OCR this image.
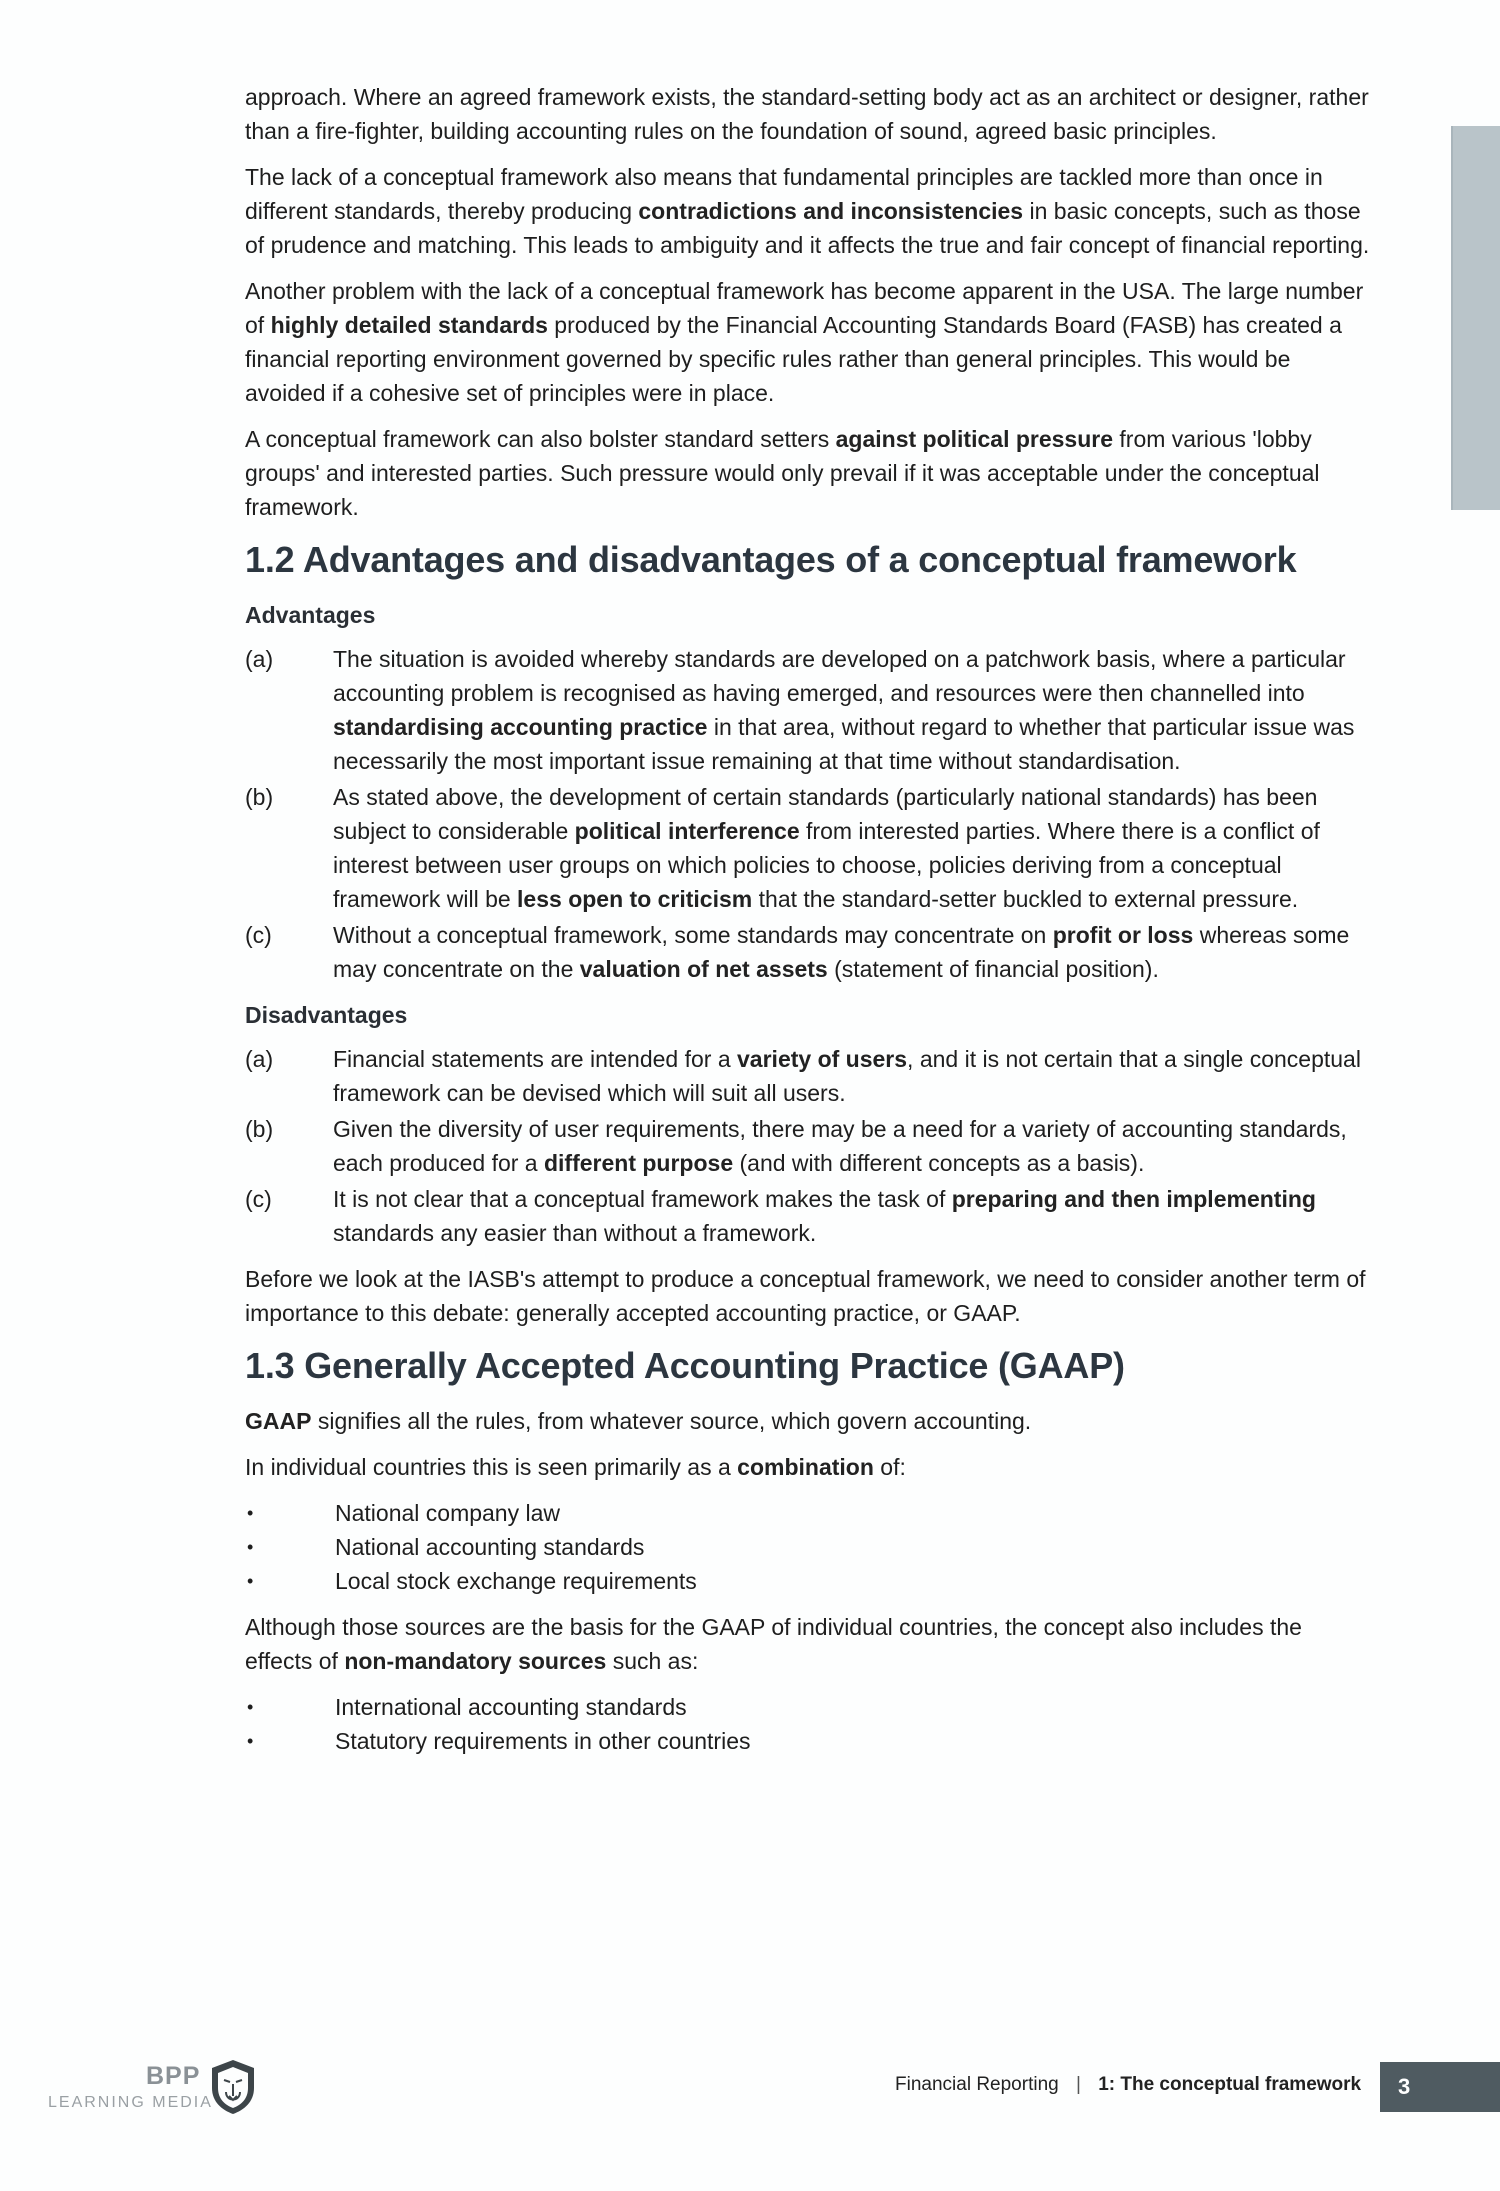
approach. Where an agreed framework exists, the standard-setting body act as an architect or designer, rather than a fire-fighter, building accounting rules on the foundation of sound, agreed basic principles.

The lack of a conceptual framework also means that fundamental principles are tackled more than once in different standards, thereby producing contradictions and inconsistencies in basic concepts, such as those of prudence and matching. This leads to ambiguity and it affects the true and fair concept of financial reporting.

Another problem with the lack of a conceptual framework has become apparent in the USA. The large number of highly detailed standards produced by the Financial Accounting Standards Board (FASB) has created a financial reporting environment governed by specific rules rather than general principles. This would be avoided if a cohesive set of principles were in place.

A conceptual framework can also bolster standard setters against political pressure from various 'lobby groups' and interested parties. Such pressure would only prevail if it was acceptable under the conceptual framework.

1.2 Advantages and disadvantages of a conceptual framework
Advantages
(a)	The situation is avoided whereby standards are developed on a patchwork basis, where a particular accounting problem is recognised as having emerged, and resources were then channelled into standardising accounting practice in that area, without regard to whether that particular issue was necessarily the most important issue remaining at that time without standardisation.
(b)	As stated above, the development of certain standards (particularly national standards) has been subject to considerable political interference from interested parties. Where there is a conflict of interest between user groups on which policies to choose, policies deriving from a conceptual framework will be less open to criticism that the standard-setter buckled to external pressure.
(c)	Without a conceptual framework, some standards may concentrate on profit or loss whereas some may concentrate on the valuation of net assets (statement of financial position).
Disadvantages
(a)	Financial statements are intended for a variety of users, and it is not certain that a single conceptual framework can be devised which will suit all users.
(b)	Given the diversity of user requirements, there may be a need for a variety of accounting standards, each produced for a different purpose (and with different concepts as a basis).
(c)	It is not clear that a conceptual framework makes the task of preparing and then implementing standards any easier than without a framework.

Before we look at the IASB's attempt to produce a conceptual framework, we need to consider another term of importance to this debate: generally accepted accounting practice, or GAAP.

1.3 Generally Accepted Accounting Practice (GAAP)

GAAP signifies all the rules, from whatever source, which govern accounting.

In individual countries this is seen primarily as a combination of:

•	National company law
•	National accounting standards
•	Local stock exchange requirements

Although those sources are the basis for the GAAP of individual countries, the concept also includes the effects of non-mandatory sources such as:

•	International accounting standards
•	Statutory requirements in other countries
BPP
LEARNING MEDIA
Financial Reporting | 1: The conceptual framework	3
